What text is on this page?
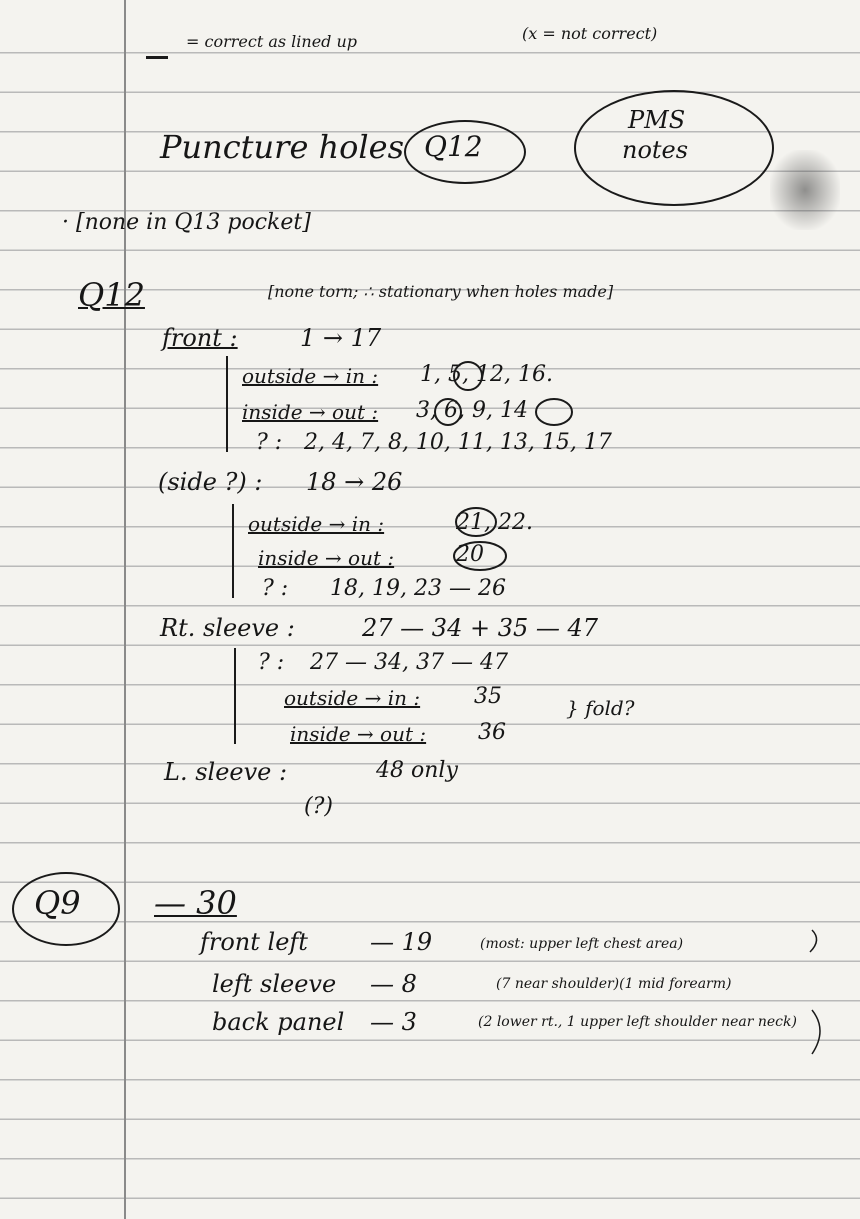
= correct as lined up	(x = not correct)
Puncture holes Q12
PMS
notes
· [none in Q13 pocket]
Q12	[none torn; ∴ stationary when holes made]
front :	1 → 17
outside → in : 1, 5, 12, 16.
inside → out : 3, 6, 9, 14
? : 2, 4, 7, 8, 10, 11, 13, 15, 17
(side ?) : 18 → 26
outside → in :	21, 22.
inside → out :	20
? : 18, 19, 23 — 26
Rt. sleeve :	27 — 34 + 35 — 47
? : 27 — 34, 37 — 47
outside → in : 35
inside → out : 36
} fold?
L. sleeve :	48 only
(?)
Q9 — 30
front left	— 19	(most: upper left chest area)
left sleeve — 8	(7 near shoulder)(1 mid forearm)
back panel — 3	(2 lower rt., 1 upper left shoulder near neck)
